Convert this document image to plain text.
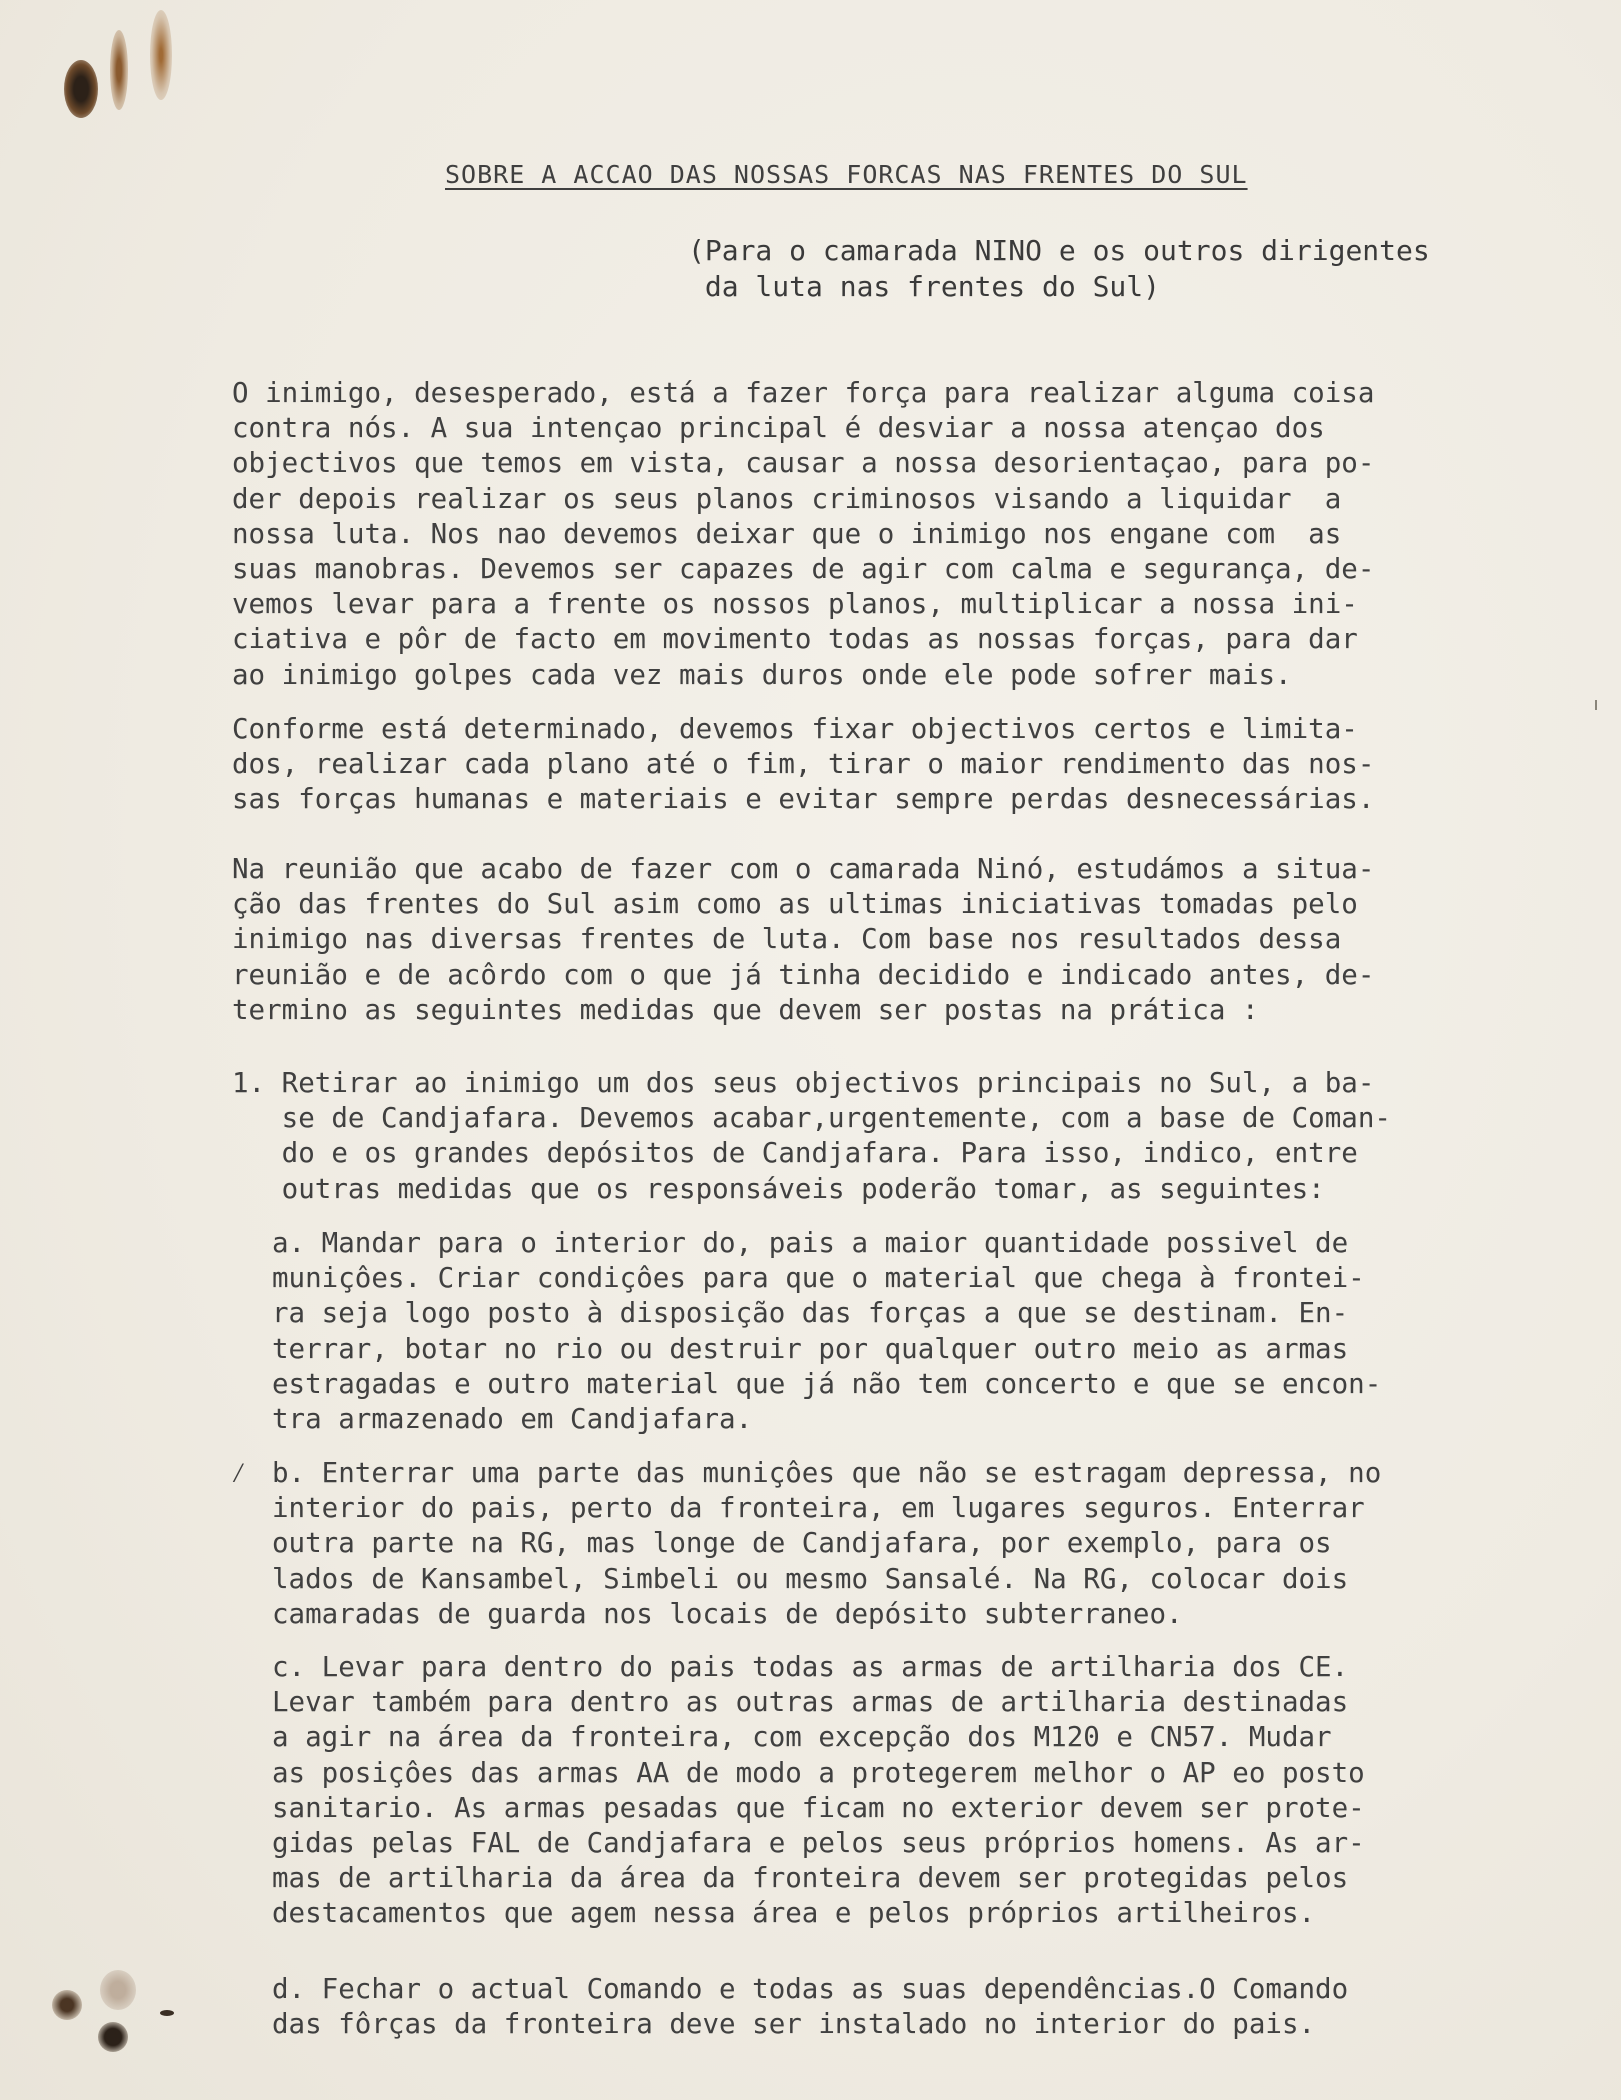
SOBRE A ACCAO DAS NOSSAS FORCAS NAS FRENTES DO SUL
(Para o camarada NINO e os outros dirigentes
da luta nas frentes do Sul)
O inimigo, desesperado, está a fazer força para realizar alguma coisa
contra nós. A sua intençao principal é desviar a nossa atençao dos
objectivos que temos em vista, causar a nossa desorientaçao, para po-
der depois realizar os seus planos criminosos visando a liquidar  a
nossa luta. Nos nao devemos deixar que o inimigo nos engane com  as
suas manobras. Devemos ser capazes de agir com calma e segurança, de-
vemos levar para a frente os nossos planos, multiplicar a nossa ini-
ciativa e pôr de facto em movimento todas as nossas forças, para dar
ao inimigo golpes cada vez mais duros onde ele pode sofrer mais.
Conforme está determinado, devemos fixar objectivos certos e limita-
dos, realizar cada plano até o fim, tirar o maior rendimento das nos-
sas forças humanas e materiais e evitar sempre perdas desnecessárias.
Na reunião que acabo de fazer com o camarada Ninó, estudámos a situa-
ção das frentes do Sul asim como as ultimas iniciativas tomadas pelo
inimigo nas diversas frentes de luta. Com base nos resultados dessa
reunião e de acôrdo com o que já tinha decidido e indicado antes, de-
termino as seguintes medidas que devem ser postas na prática :
1. Retirar ao inimigo um dos seus objectivos principais no Sul, a ba-
se de Candjafara. Devemos acabar,urgentemente, com a base de Coman-
do e os grandes depósitos de Candjafara. Para isso, indico, entre
outras medidas que os responsáveis poderão tomar, as seguintes:
a. Mandar para o interior do, pais a maior quantidade possivel de
muniçôes. Criar condiçôes para que o material que chega à frontei-
ra seja logo posto à disposição das forças a que se destinam. En-
terrar, botar no rio ou destruir por qualquer outro meio as armas
estragadas e outro material que já não tem concerto e que se encon-
tra armazenado em Candjafara.
⁄ b. Enterrar uma parte das muniçôes que não se estragam depressa, no
interior do pais, perto da fronteira, em lugares seguros. Enterrar
outra parte na RG, mas longe de Candjafara, por exemplo, para os
lados de Kansambel, Simbeli ou mesmo Sansalé. Na RG, colocar dois
camaradas de guarda nos locais de depósito subterraneo.
c. Levar para dentro do pais todas as armas de artilharia dos CE.
Levar também para dentro as outras armas de artilharia destinadas
a agir na área da fronteira, com excepção dos M120 e CN57. Mudar
as posiçôes das armas AA de modo a protegerem melhor o AP eo posto
sanitario. As armas pesadas que ficam no exterior devem ser prote-
gidas pelas FAL de Candjafara e pelos seus próprios homens. As ar-
mas de artilharia da área da fronteira devem ser protegidas pelos
destacamentos que agem nessa área e pelos próprios artilheiros.
d. Fechar o actual Comando e todas as suas dependências.O Comando
das fôrças da fronteira deve ser instalado no interior do pais.
